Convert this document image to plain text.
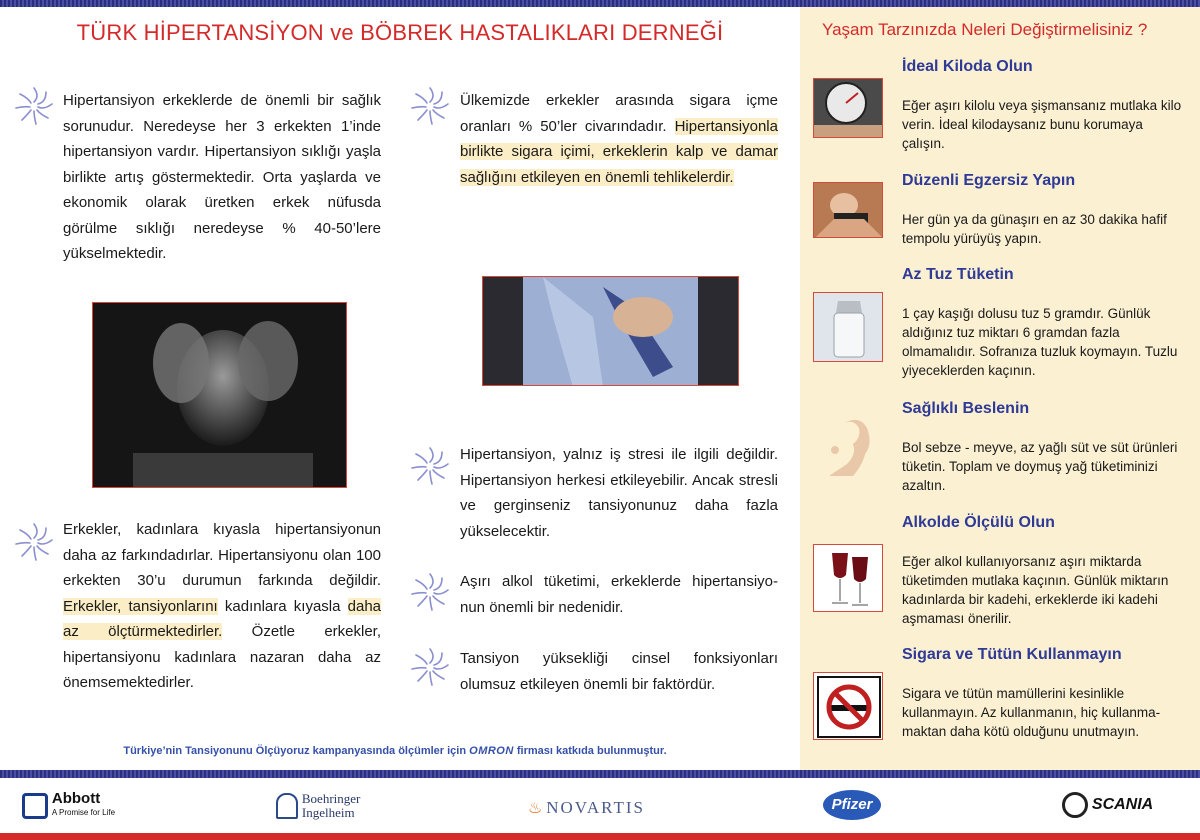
TÜRK HİPERTANSİYON ve BÖBREK HASTALIKLARI DERNEĞİ
Hipertansiyon erkeklerde de önemli bir sağlık sorunudur. Neredeyse her 3 erkekten 1’inde hipertansiyon vardır. Hipertansiyon sıklığı yaşla birlikte artış göstermektedir. Orta yaşlarda ve ekonomik olarak üretken erkek nüfusda görülme sıklığı neredeyse % 40-50’lere yükselmektedir.
Erkekler, kadınlara kıyasla hipertansiyonun daha az farkındadırlar. Hipertansiyonu olan 100 erkekten 30’u durumun farkında değildir. Erkekler, tansiyonlarını kadınlara kıyasla daha az ölçtürmektedirler. Özetle erkekler, hipertansiyonu kadınlara nazaran daha az önemsemektedirler.
Ülkemizde erkekler arasında sigara içme oranları % 50’ler civarındadır. Hipertansiyonla birlikte sigara içimi, erkeklerin kalp ve damar sağlığını etkileyen en önemli tehlikelerdir.
Hipertansiyon, yalnız iş stresi ile ilgili değildir. Hipertansiyon herkesi etkileyebilir. Ancak stresli ve gerginseniz tansiyonunuz daha fazla yükselecektir.
Aşırı alkol tüketimi, erkeklerde hipertansiyo- nun önemli bir nedenidir.
Tansiyon yüksekliği cinsel fonksiyonları olumsuz etkileyen önemli bir faktördür.
Türkiye’nin Tansiyonunu Ölçüyoruz kampanyasında ölçümler için OMRON firması katkıda bulunmuştur.
Yaşam Tarzınızda Neleri Değiştirmelisiniz ?
İdeal Kiloda Olun
Eğer aşırı kilolu veya şişmansanız mutlaka kilo verin. İdeal kilodaysanız bunu korumaya çalışın.
Düzenli Egzersiz Yapın
Her gün ya da günaşırı en az 30 dakika hafif tempolu yürüyüş yapın.
Az Tuz Tüketin
1 çay kaşığı dolusu tuz 5 gramdır. Günlük aldığınız tuz miktarı 6 gramdan fazla olmamalıdır. Sofranıza tuzluk koymayın. Tuzlu yiyeceklerden kaçının.
Sağlıklı Beslenin
Bol sebze - meyve, az yağlı süt ve süt ürünleri tüketin. Toplam ve doymuş yağ tüketiminizi azaltın.
Alkolde Ölçülü Olun
Eğer alkol kullanıyorsanız aşırı miktarda tüketimden mutlaka kaçının. Günlük miktarın kadınlarda bir kadehi, erkeklerde iki kadehi aşmaması önerilir.
Sigara ve Tütün Kullanmayın
Sigara ve tütün mamüllerini kesinlikle kullanmayın. Az kullanmanın, hiç kullanma- maktan daha kötü olduğunu unutmayın.

Abbott
A Promise for Life

Boehringer
Ingelheim	♨ NOVARTIS	Pfizer	SCANIA
